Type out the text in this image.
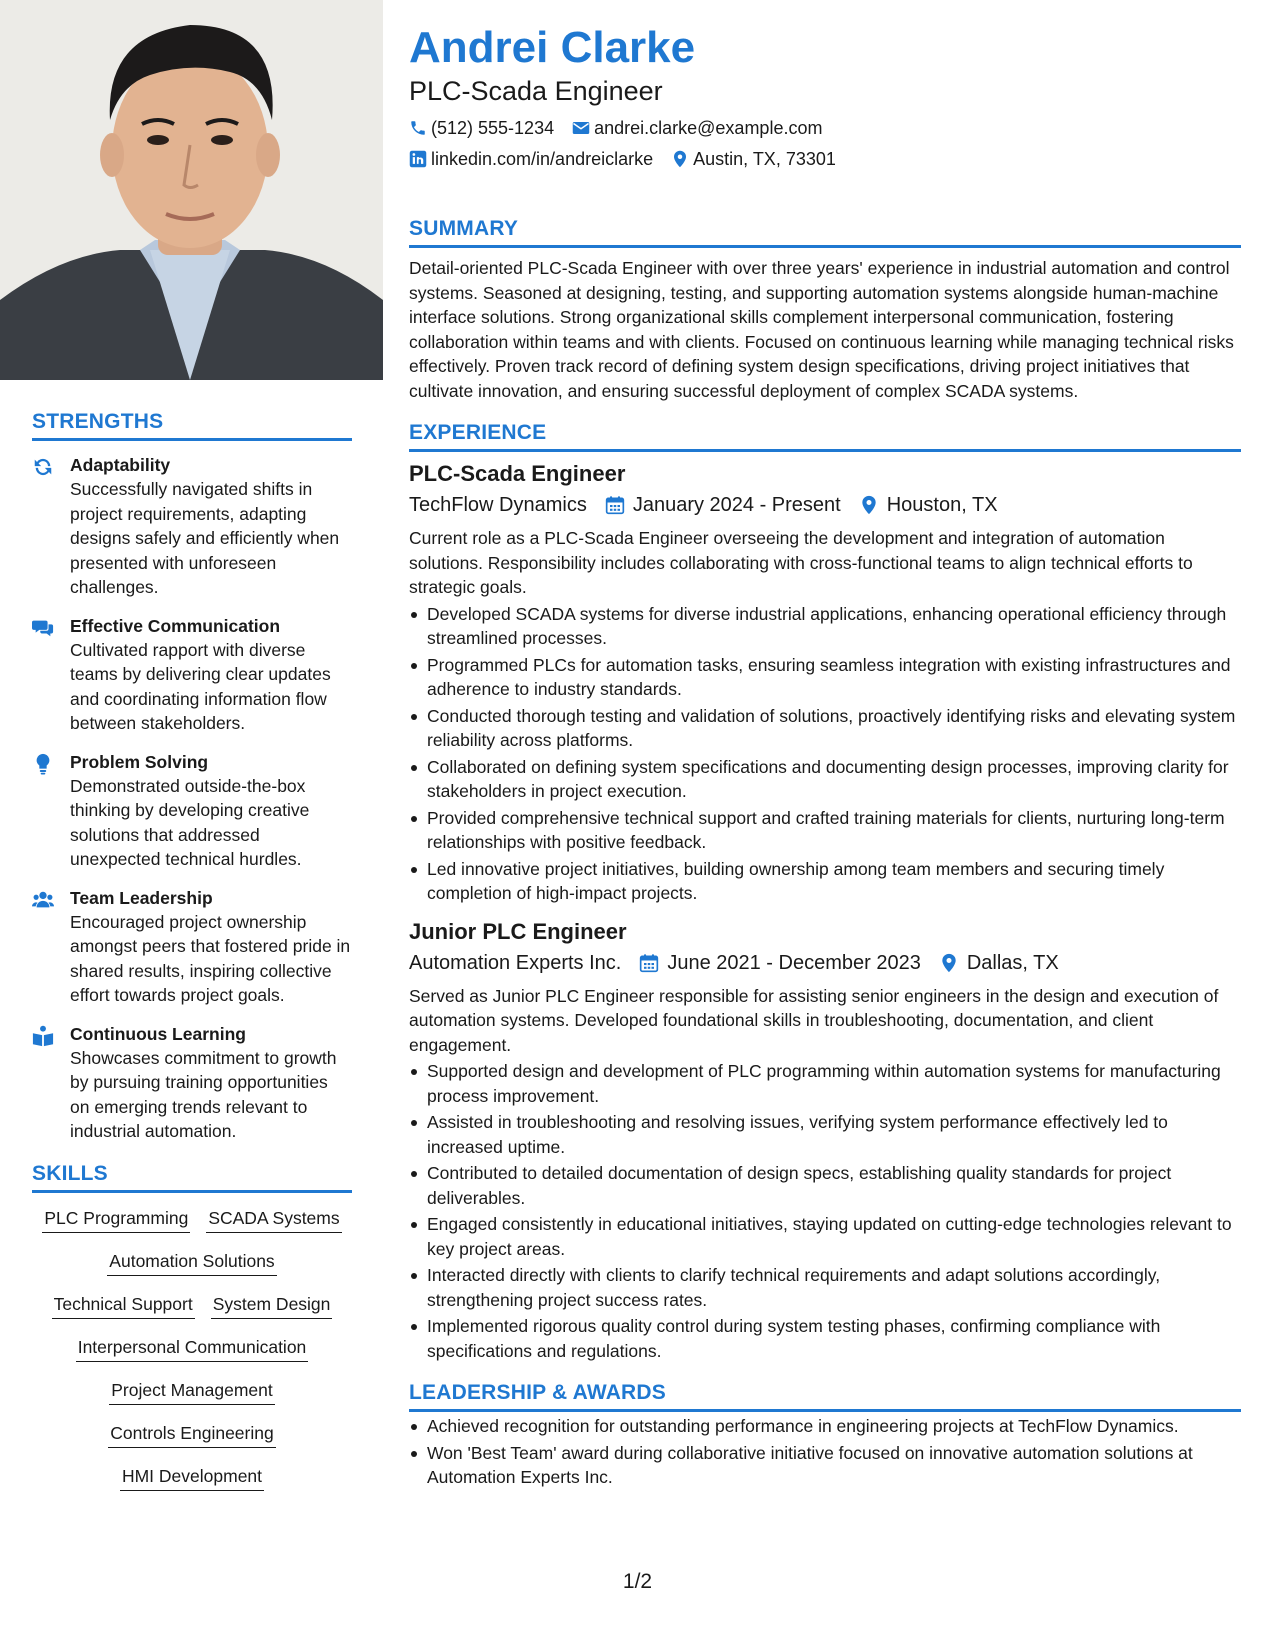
STRENGTHS
Adaptability
Successfully navigated shifts in project requirements, adapting designs safely and efficiently when presented with unforeseen challenges.
Effective Communication
Cultivated rapport with diverse teams by delivering clear updates and coordinating information flow between stakeholders.
Problem Solving
Demonstrated outside-the-box thinking by developing creative solutions that addressed unexpected technical hurdles.
Team Leadership
Encouraged project ownership amongst peers that fostered pride in shared results, inspiring collective effort towards project goals.
Continuous Learning
Showcases commitment to growth by pursuing training opportunities on emerging trends relevant to industrial automation.
SKILLS
PLC Programming SCADA Systems
Automation Solutions
Technical Support System Design
Interpersonal Communication
Project Management
Controls Engineering
HMI Development
Andrei Clarke
PLC-Scada Engineer
(512) 555-1234 andrei.clarke@example.com
linkedin.com/in/andreiclarke Austin, TX, 73301
SUMMARY
Detail-oriented PLC-Scada Engineer with over three years' experience in industrial automation and control systems. Seasoned at designing, testing, and supporting automation systems alongside human-machine interface solutions. Strong organizational skills complement interpersonal communication, fostering collaboration within teams and with clients. Focused on continuous learning while managing technical risks effectively. Proven track record of defining system design specifications, driving project initiatives that cultivate innovation, and ensuring successful deployment of complex SCADA systems.
EXPERIENCE
PLC-Scada Engineer
TechFlow Dynamics January 2024 - Present Houston, TX
Current role as a PLC-Scada Engineer overseeing the development and integration of automation solutions. Responsibility includes collaborating with cross-functional teams to align technical efforts to strategic goals.
Developed SCADA systems for diverse industrial applications, enhancing operational efficiency through streamlined processes.
Programmed PLCs for automation tasks, ensuring seamless integration with existing infrastructures and adherence to industry standards.
Conducted thorough testing and validation of solutions, proactively identifying risks and elevating system reliability across platforms.
Collaborated on defining system specifications and documenting design processes, improving clarity for stakeholders in project execution.
Provided comprehensive technical support and crafted training materials for clients, nurturing long-term relationships with positive feedback.
Led innovative project initiatives, building ownership among team members and securing timely completion of high-impact projects.
Junior PLC Engineer
Automation Experts Inc. June 2021 - December 2023 Dallas, TX
Served as Junior PLC Engineer responsible for assisting senior engineers in the design and execution of automation systems. Developed foundational skills in troubleshooting, documentation, and client engagement.
Supported design and development of PLC programming within automation systems for manufacturing process improvement.
Assisted in troubleshooting and resolving issues, verifying system performance effectively led to increased uptime.
Contributed to detailed documentation of design specs, establishing quality standards for project deliverables.
Engaged consistently in educational initiatives, staying updated on cutting-edge technologies relevant to key project areas.
Interacted directly with clients to clarify technical requirements and adapt solutions accordingly, strengthening project success rates.
Implemented rigorous quality control during system testing phases, confirming compliance with specifications and regulations.
LEADERSHIP & AWARDS
Achieved recognition for outstanding performance in engineering projects at TechFlow Dynamics.
Won 'Best Team' award during collaborative initiative focused on innovative automation solutions at Automation Experts Inc.
1/2
